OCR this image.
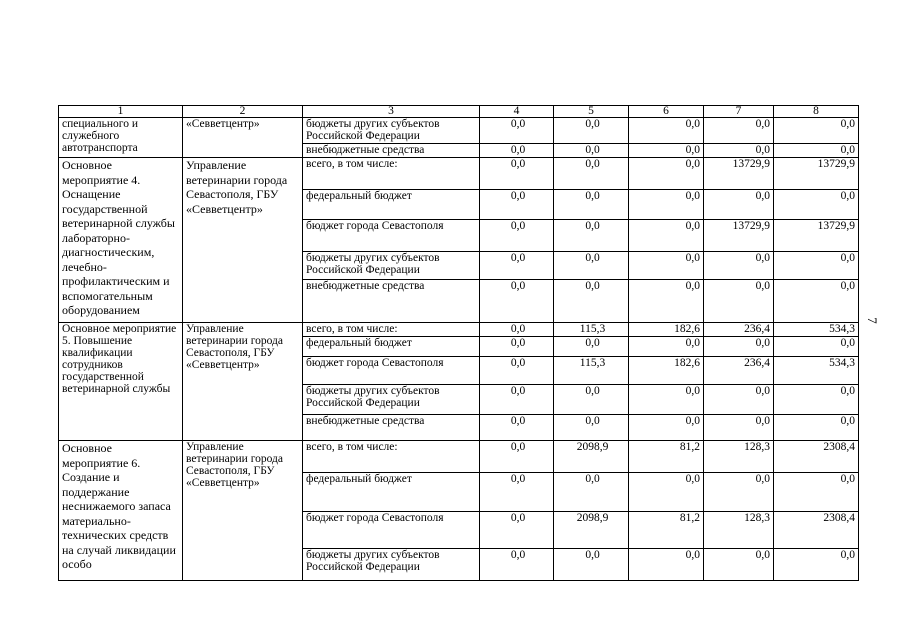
7
1	2	3	4	5	6	7	8
специального и служебного автотранспорта	«Севветцентр»	бюджеты других субъектов Российской Федерации	0,0	0,0	0,0	0,0	0,0
		внебюджетные средства	0,0	0,0	0,0	0,0	0,0
Основное мероприятие 4. Оснащение государственной ветеринарной службы лабораторно-диагностическим, лечебно-профилактическим и вспомогательным оборудованием	Управление ветеринарии города Севастополя, ГБУ «Севветцентр»	всего, в том числе:	0,0	0,0	0,0	13729,9	13729,9
		федеральный бюджет	0,0	0,0	0,0	0,0	0,0
		бюджет города Севастополя	0,0	0,0	0,0	13729,9	13729,9
		бюджеты других субъектов Российской Федерации	0,0	0,0	0,0	0,0	0,0
		внебюджетные средства	0,0	0,0	0,0	0,0	0,0
Основное мероприятие 5. Повышение квалификации сотрудников государственной ветеринарной службы	Управление ветеринарии города Севастополя, ГБУ «Севветцентр»	всего, в том числе:	0,0	115,3	182,6	236,4	534,3
		федеральный бюджет	0,0	0,0	0,0	0,0	0,0
		бюджет города Севастополя	0,0	115,3	182,6	236,4	534,3
		бюджеты других субъектов Российской Федерации	0,0	0,0	0,0	0,0	0,0
		внебюджетные средства	0,0	0,0	0,0	0,0	0,0
Основное мероприятие 6. Создание и поддержание неснижаемого запаса материально-технических средств на случай ликвидации особо	Управление ветеринарии города Севастополя, ГБУ «Севветцентр»	всего, в том числе:	0,0	2098,9	81,2	128,3	2308,4
		федеральный бюджет	0,0	0,0	0,0	0,0	0,0
		бюджет города Севастополя	0,0	2098,9	81,2	128,3	2308,4
		бюджеты других субъектов Российской Федерации	0,0	0,0	0,0	0,0	0,0
